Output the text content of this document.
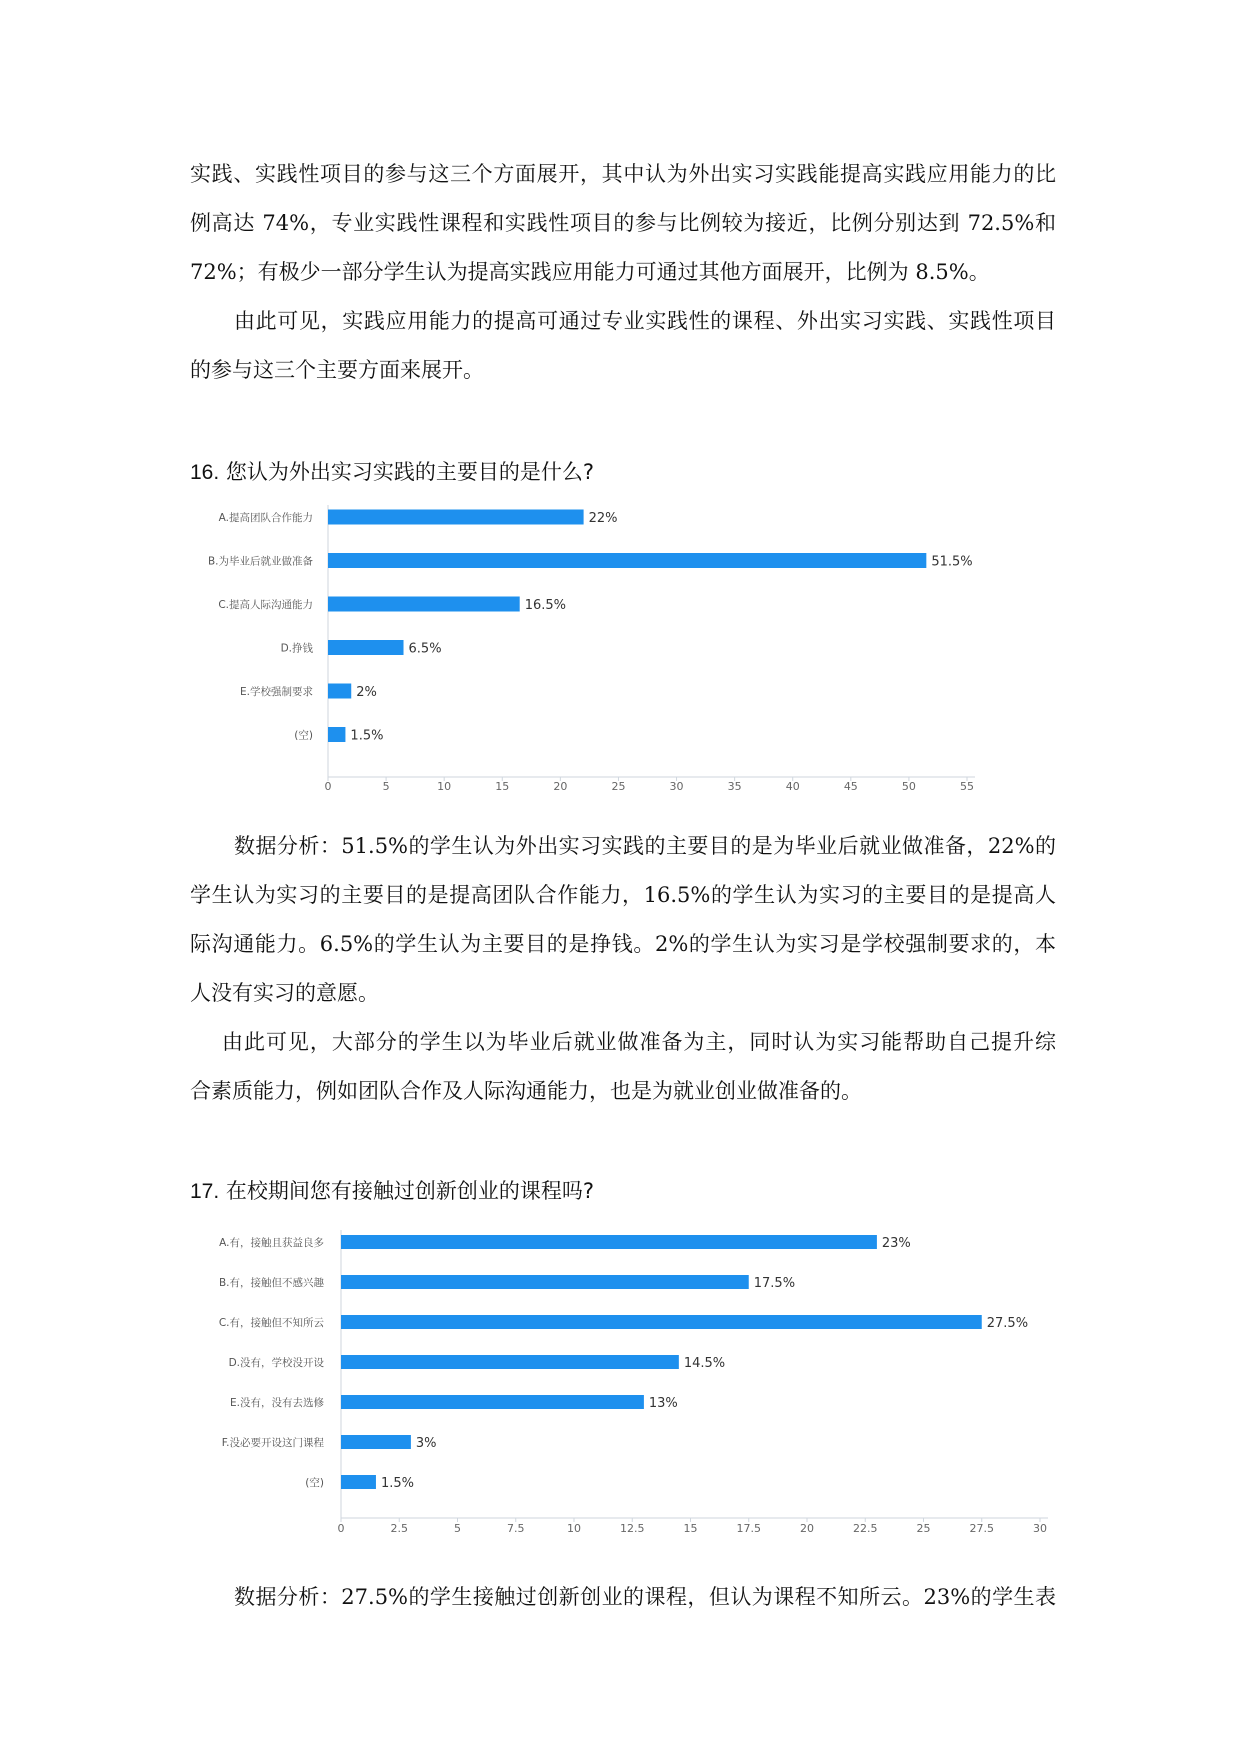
实践、实践性项目的参与这三个方面展开，其中认为外出实习实践能提高实践应用能力的比
例高达 74%，专业实践性课程和实践性项目的参与比例较为接近，比例分别达到 72.5%和
72%；有极少一部分学生认为提高实践应用能力可通过其他方面展开，比例为 8.5%。
由此可见，实践应用能力的提高可通过专业实践性的课程、外出实习实践、实践性项目
的参与这三个主要方面来展开。
16. 您认为外出实习实践的主要目的是什么?
A.提高团队合作能力	22%
B.为毕业后就业做准备	51.5%
C.提高人际沟通能力	16.5%
D.挣钱	6.5%
E.学校强制要求	2%
(空)	1.5%
0	5	10	15	20	25	30	35	40	45	50	55
数据分析：51.5%的学生认为外出实习实践的主要目的是为毕业后就业做准备，22%的
学生认为实习的主要目的是提高团队合作能力，16.5%的学生认为实习的主要目的是提高人
际沟通能力。6.5%的学生认为主要目的是挣钱。2%的学生认为实习是学校强制要求的，本
人没有实习的意愿。
由此可见，大部分的学生以为毕业后就业做准备为主，同时认为实习能帮助自己提升综
合素质能力，例如团队合作及人际沟通能力，也是为就业创业做准备的。
17. 在校期间您有接触过创新创业的课程吗?
A.有，接触且获益良多	23%
B.有，接触但不感兴趣	17.5%
C.有，接触但不知所云	27.5%
D.没有，学校没开设	14.5%
E.没有，没有去选修	13%
F.没必要开设这门课程	3%
(空)	1.5%
0	2.5	5	7.5	10	12.5	15	17.5	20	22.5	25	27.5	30
数据分析：27.5%的学生接触过创新创业的课程，但认为课程不知所云。23%的学生表
